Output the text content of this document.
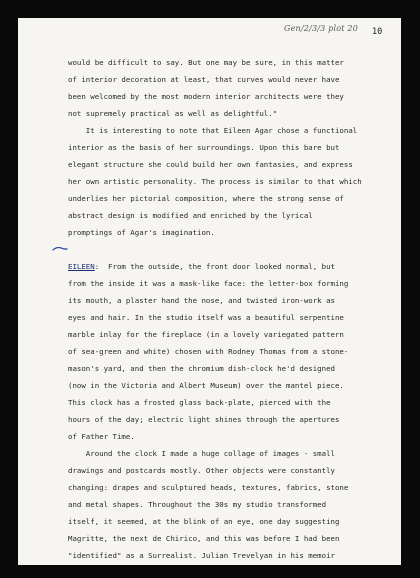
Gen/2/3/3 plot 20 10
would be difficult to say. But one may be sure, in this matter
of interior decoration at least, that curves would never have
been welcomed by the most modern interior architects were they
not supremely practical as well as delightful."
It is interesting to note that Eileen Agar chose a functional
interior as the basis of her surroundings. Upon this bare but
elegant structure she could build her own fantasies, and express
her own artistic personality. The process is similar to that which
underlies her pictorial composition, where the strong sense of
abstract design is modified and enriched by the lyrical
promptings of Agar's imagination.
EILEEN:  From the outside, the front door looked normal, but
from the inside it was a mask-like face: the letter-box forming
its mouth, a plaster hand the nose, and twisted iron-work as
eyes and hair. In the studio itself was a beautiful serpentine
marble inlay for the fireplace (in a lovely variegated pattern
of sea-green and white) chosen with Rodney Thomas from a stone-
mason's yard, and then the chromium dish-clock he'd designed
(now in the Victoria and Albert Museum) over the mantel piece.
This clock has a frosted glass back-plate, pierced with the
hours of the day; electric light shines through the apertures
of Father Time.
Around the clock I made a huge collage of images - small
drawings and postcards mostly. Other objects were constantly
changing: drapes and sculptured heads, textures, fabrics, stone
and metal shapes. Throughout the 30s my studio transformed
itself, it seemed, at the blink of an eye, one day suggesting
Magritte, the next de Chirico, and this was before I had been
"identified" as a Surrealist. Julian Trevelyan in his memoir
